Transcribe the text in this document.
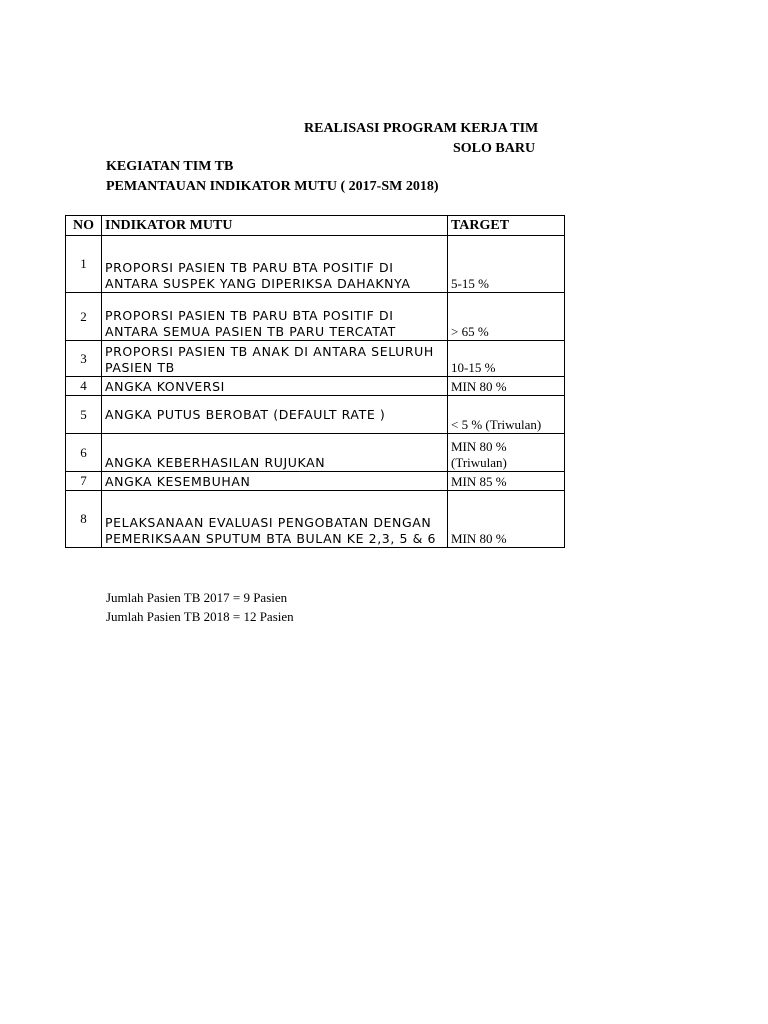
REALISASI PROGRAM KERJA TIM
SOLO BARU
KEGIATAN TIM TB
PEMANTAUAN INDIKATOR MUTU ( 2017-SM 2018)
NO	INDIKATOR MUTU	TARGET
1	PROPORSI PASIEN TB PARU BTA POSITIF DI ANTARA SUSPEK YANG DIPERIKSA DAHAKNYA	5-15 %
2	PROPORSI PASIEN TB PARU BTA POSITIF DI ANTARA SEMUA PASIEN TB PARU TERCATAT	> 65 %
3	PROPORSI PASIEN TB ANAK DI ANTARA SELURUH PASIEN TB	10-15 %
4	ANGKA KONVERSI	MIN 80 %
5	ANGKA PUTUS BEROBAT (DEFAULT RATE )	< 5 % (Triwulan)
6	ANGKA KEBERHASILAN RUJUKAN	MIN 80 % (Triwulan)
7	ANGKA KESEMBUHAN	MIN 85 %
8	PELAKSANAAN EVALUASI PENGOBATAN DENGAN PEMERIKSAAN SPUTUM BTA BULAN KE 2,3, 5 & 6	MIN 80 %
Jumlah Pasien TB 2017 = 9 Pasien
Jumlah Pasien TB 2018 = 12 Pasien
